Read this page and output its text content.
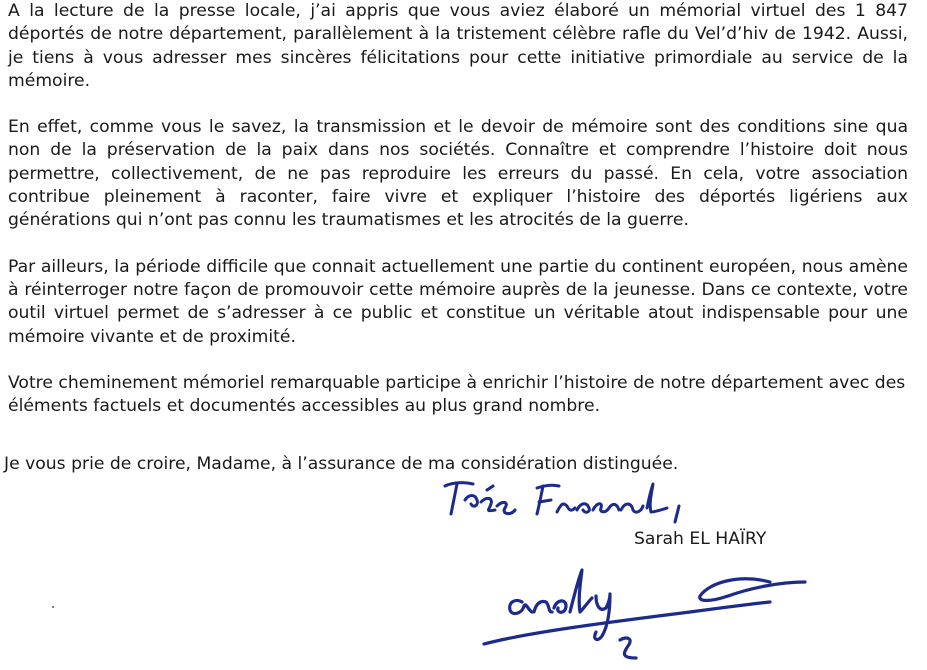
A la lecture de la presse locale, j’ai appris que vous aviez élaboré un mémorial virtuel des 1 847 déportés de notre département, parallèlement à la tristement célèbre rafle du Vel’d’hiv de 1942. Aussi, je tiens à vous adresser mes sincères félicitations pour cette initiative primordiale au service de la mémoire.

En effet, comme vous le savez, la transmission et le devoir de mémoire sont des conditions sine qua non de la préservation de la paix dans nos sociétés. Connaître et comprendre l’histoire doit nous permettre, collectivement, de ne pas reproduire les erreurs du passé. En cela, votre association contribue pleinement à raconter, faire vivre et expliquer l’histoire des déportés ligériens aux générations qui n’ont pas connu les traumatismes et les atrocités de la guerre.

Par ailleurs, la période difficile que connait actuellement une partie du continent européen, nous amène à réinterroger notre façon de promouvoir cette mémoire auprès de la jeunesse. Dans ce contexte, votre outil virtuel permet de s’adresser à ce public et constitue un véritable atout indispensable pour une mémoire vivante et de proximité.

Votre cheminement mémoriel remarquable participe à enrichir l’histoire de notre département avec des éléments factuels et documentés accessibles au plus grand nombre.

Je vous prie de croire, Madame, à l’assurance de ma considération distinguée.
Sarah EL HAÏRY
